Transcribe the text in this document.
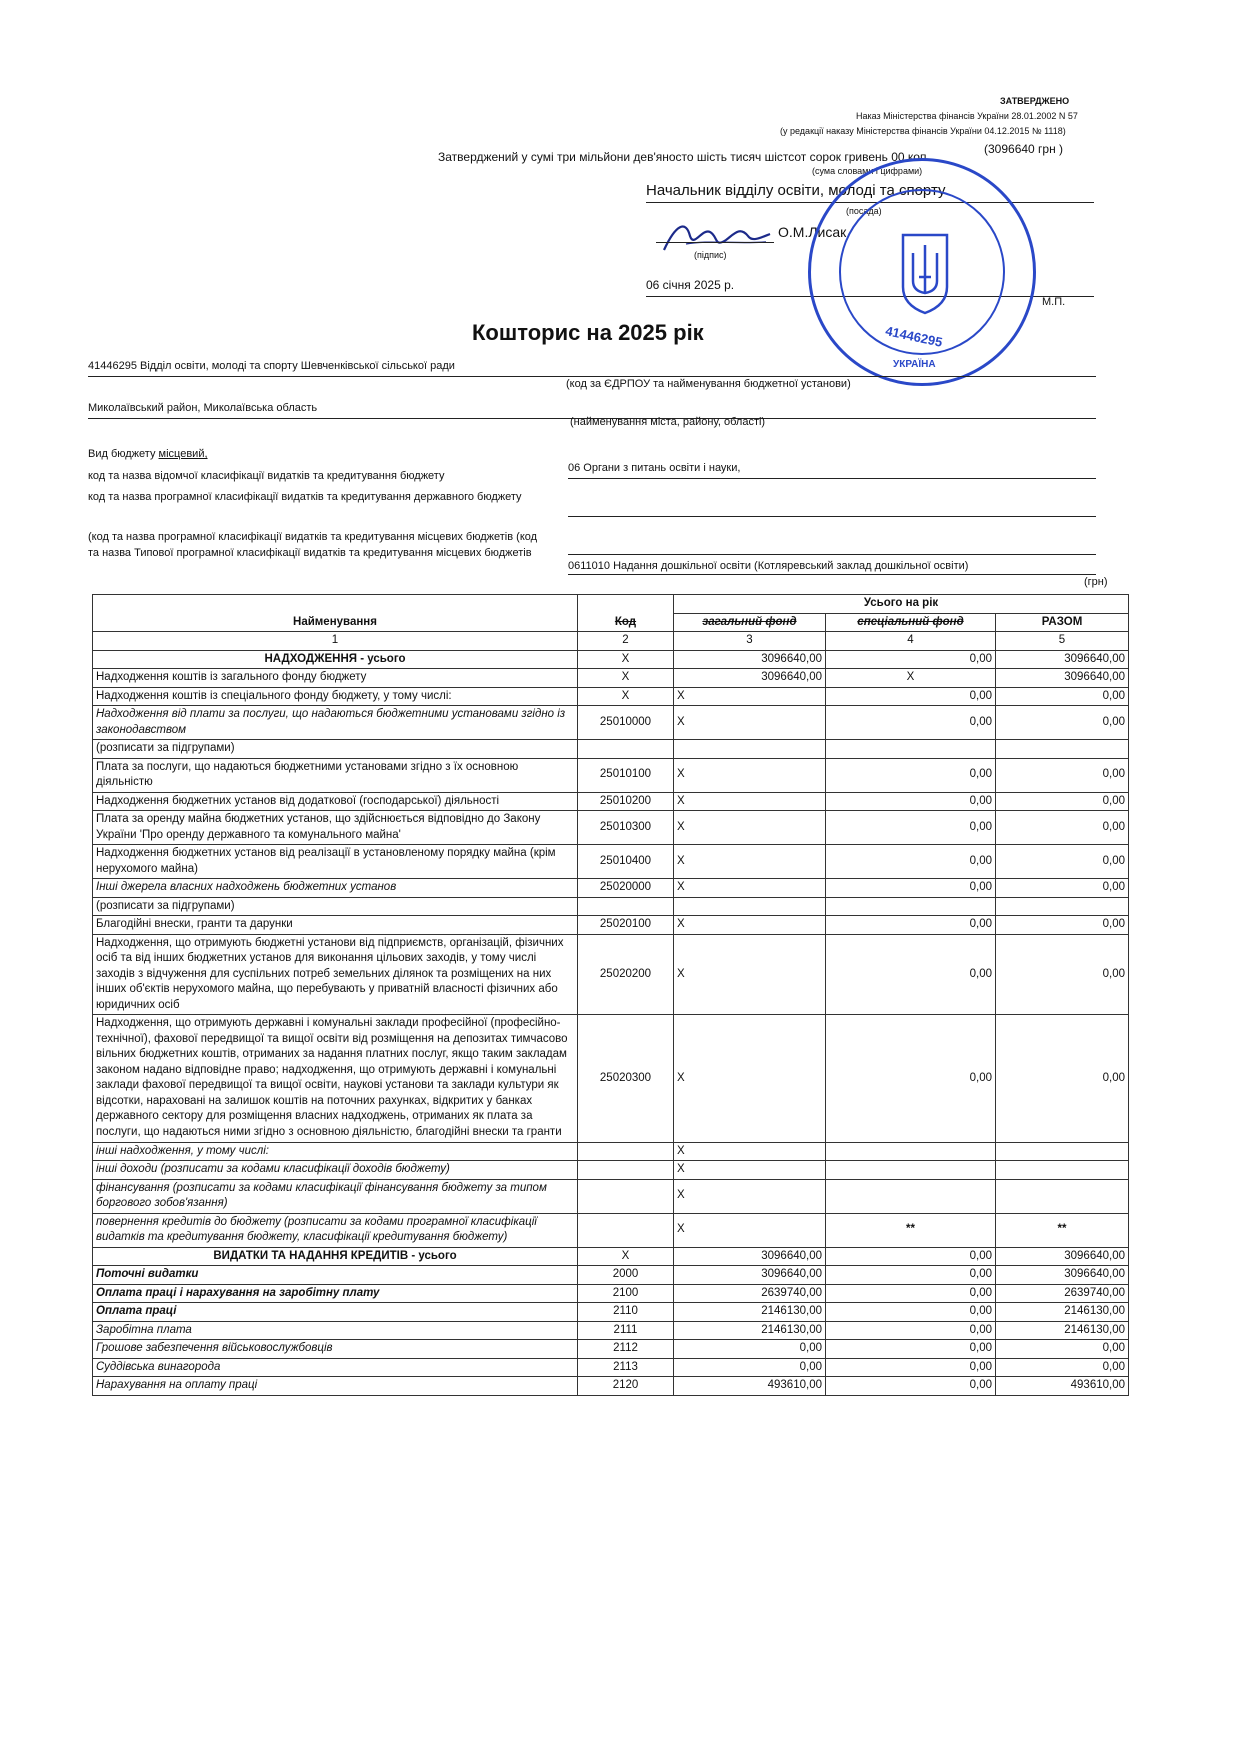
ЗАТВЕРДЖЕНО
Наказ Міністерства фінансів України 28.01.2002 N 57
(у редакції наказу Міністерства фінансів України 04.12.2015 № 1118)
Затверджений у сумі три мільйони дев'яносто шість тисяч шістсот сорок гривень 00 коп.
(3096640 грн )
(сума словами і цифрами)
Начальник відділу освіти, молоді та спорту
(посада)
О.М.Лисак
(підпис)
06 січня 2025 р.
М.П.
41446295
УКРАЇНА
Кошторис на 2025 рік
41446295 Відділ освіти, молоді та спорту Шевченківської сільської ради
(код за ЄДРПОУ та найменування бюджетної установи)
Миколаївський район, Миколаївська область
(найменування міста, району, області)
Вид бюджету місцевий,
код та назва відомчої класифікації видатків та кредитування бюджету
06 Органи з питань освіти і науки,
код та назва програмної класифікації видатків та кредитування державного бюджету
(код та назва програмної класифікації видатків та кредитування місцевих бюджетів (код та назва Типової програмної класифікації видатків та кредитування місцевих бюджетів
0611010 Надання дошкільної освіти (Котляревський заклад дошкільної освіти)
(грн)
Найменування	Код	Усього на рік		
		загальний фонд	спеціальний фонд	РАЗОМ
1	2	3	4	5
НАДХОДЖЕННЯ - усього	X	3096640,00	0,00	3096640,00
Надходження коштів із загального фонду бюджету	X	3096640,00	X	3096640,00
Надходження коштів із спеціального фонду бюджету, у тому числі:	X	X	0,00	0,00
Надходження від плати за послуги, що надаються бюджетними установами згідно із законодавством	25010000	X	0,00	0,00
(розписати за підгрупами)				
Плата за послуги, що надаються бюджетними установами згідно з їх основною діяльністю	25010100	X	0,00	0,00
Надходження бюджетних установ від додаткової (господарської) діяльності	25010200	X	0,00	0,00
Плата за оренду майна бюджетних установ, що здійснюється відповідно до Закону України 'Про оренду державного та комунального майна'	25010300	X	0,00	0,00
Надходження бюджетних установ від реалізації в установленому порядку майна (крім нерухомого майна)	25010400	X	0,00	0,00
Інші джерела власних надходжень бюджетних установ	25020000	X	0,00	0,00
(розписати за підгрупами)				
Благодійні внески, гранти та дарунки	25020100	X	0,00	0,00
Надходження, що отримують бюджетні установи від підприємств, організацій, фізичних осіб та від інших бюджетних установ для виконання цільових заходів, у тому числі заходів з відчуження для суспільних потреб земельних ділянок та розміщених на них інших об'єктів нерухомого майна, що перебувають у приватній власності фізичних або юридичних осіб	25020200	X	0,00	0,00
Надходження, що отримують державні і комунальні заклади професійної (професійно-технічної), фахової передвищої та вищої освіти від розміщення на депозитах тимчасово вільних бюджетних коштів, отриманих за надання платних послуг, якщо таким закладам законом надано відповідне право; надходження, що отримують державні і комунальні заклади фахової передвищої та вищої освіти, наукові установи та заклади культури як відсотки, нараховані на залишок коштів на поточних рахунках, відкритих у банках державного сектору для розміщення власних надходжень, отриманих як плата за послуги, що надаються ними згідно з основною діяльністю, благодійні внески та гранти	25020300	X	0,00	0,00
інші надходження, у тому числі:		X		
інші доходи (розписати за кодами класифікації доходів бюджету)		X		
фінансування (розписати за кодами класифікації фінансування бюджету за типом боргового зобов'язання)		X		
повернення кредитів до бюджету (розписати за кодами програмної класифікації видатків та кредитування бюджету, класифікації кредитування бюджету)		X	**	**
ВИДАТКИ ТА НАДАННЯ КРЕДИТІВ - усього	X	3096640,00	0,00	3096640,00
Поточні видатки	2000	3096640,00	0,00	3096640,00
Оплата праці і нарахування на заробітну плату	2100	2639740,00	0,00	2639740,00
Оплата праці	2110	2146130,00	0,00	2146130,00
Заробітна плата	2111	2146130,00	0,00	2146130,00
Грошове забезпечення військовослужбовців	2112	0,00	0,00	0,00
Суддівська винагорода	2113	0,00	0,00	0,00
Нарахування на оплату праці	2120	493610,00	0,00	493610,00
